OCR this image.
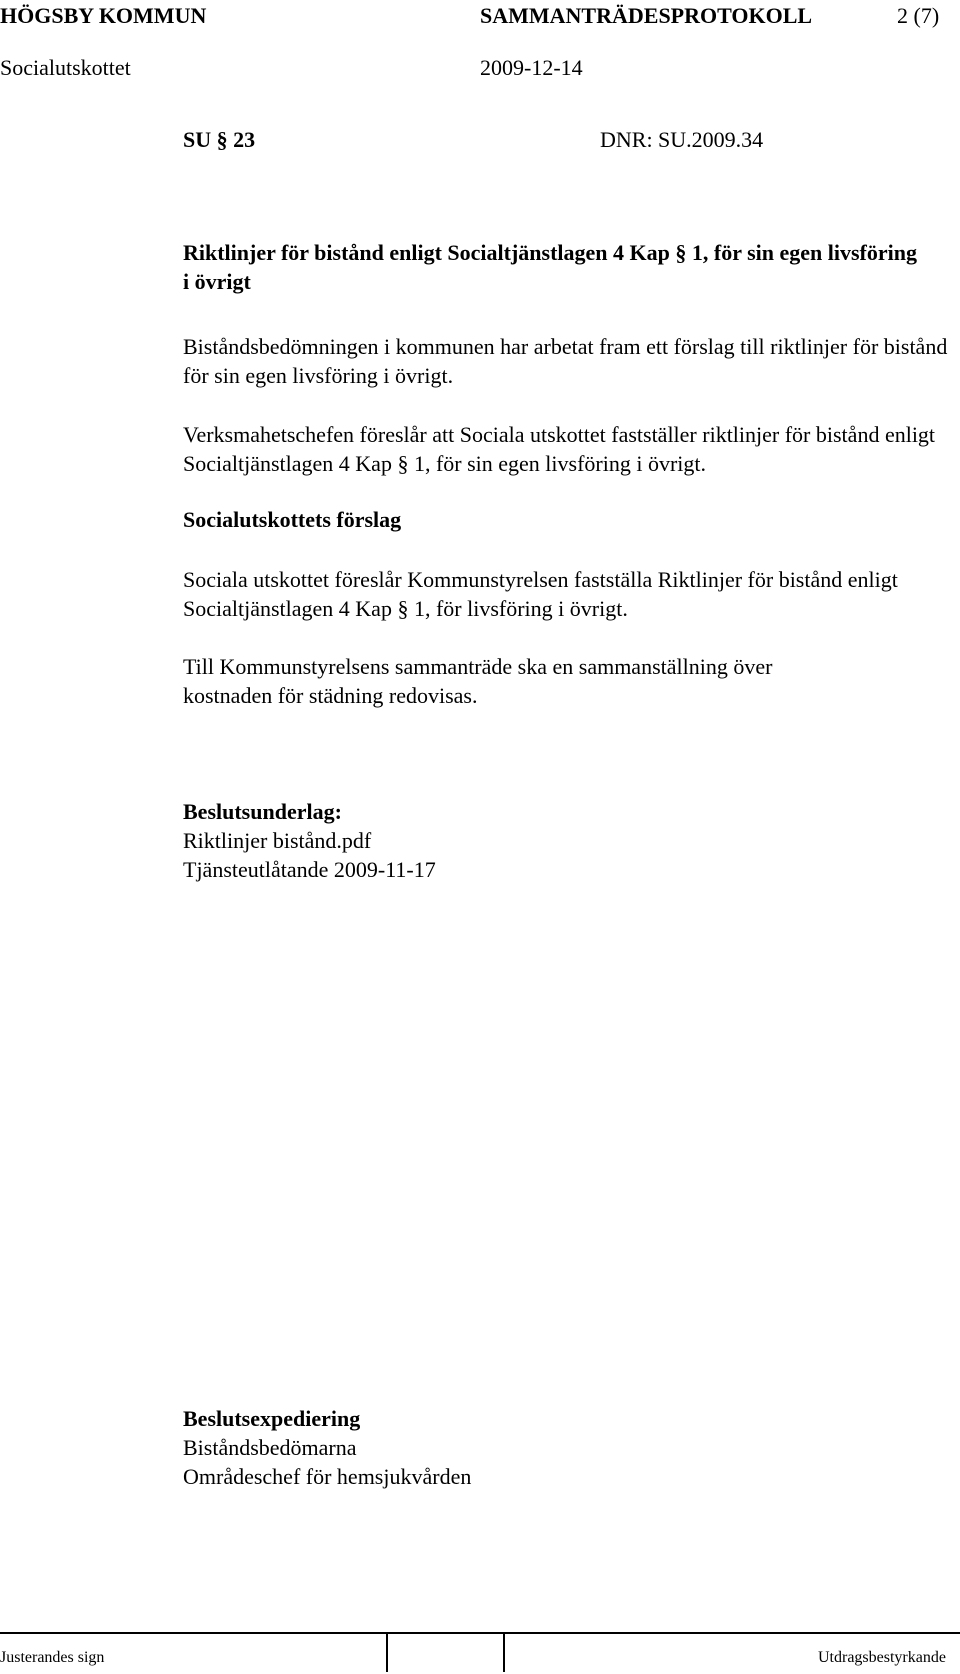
HÖGSBY KOMMUN	SAMMANTRÄDESPROTOKOLL	2 (7)
Socialutskottet	2009-12-14
SU § 23	DNR: SU.2009.34
Riktlinjer för bistånd enligt Socialtjänstlagen 4 Kap § 1, för sin egen livsföring i övrigt
Biståndsbedömningen i kommunen har arbetat fram ett förslag till riktlinjer för bistånd för sin egen livsföring i övrigt.
Verksmahetschefen föreslår att Sociala utskottet fastställer riktlinjer för bistånd enligt Socialtjänstlagen 4 Kap § 1, för sin egen livsföring i övrigt.
Socialutskottets förslag
Sociala utskottet föreslår Kommunstyrelsen fastställa Riktlinjer för bistånd enligt Socialtjänstlagen 4 Kap § 1, för livsföring i övrigt.
Till Kommunstyrelsens sammanträde ska en sammanställning över kostnaden för städning redovisas.
Beslutsunderlag:
Riktlinjer bistånd.pdf
Tjänsteutlåtande 2009-11-17
Beslutsexpediering
Biståndsbedömarna
Områdeschef för hemsjukvården
Justerandes sign	Utdragsbestyrkande
